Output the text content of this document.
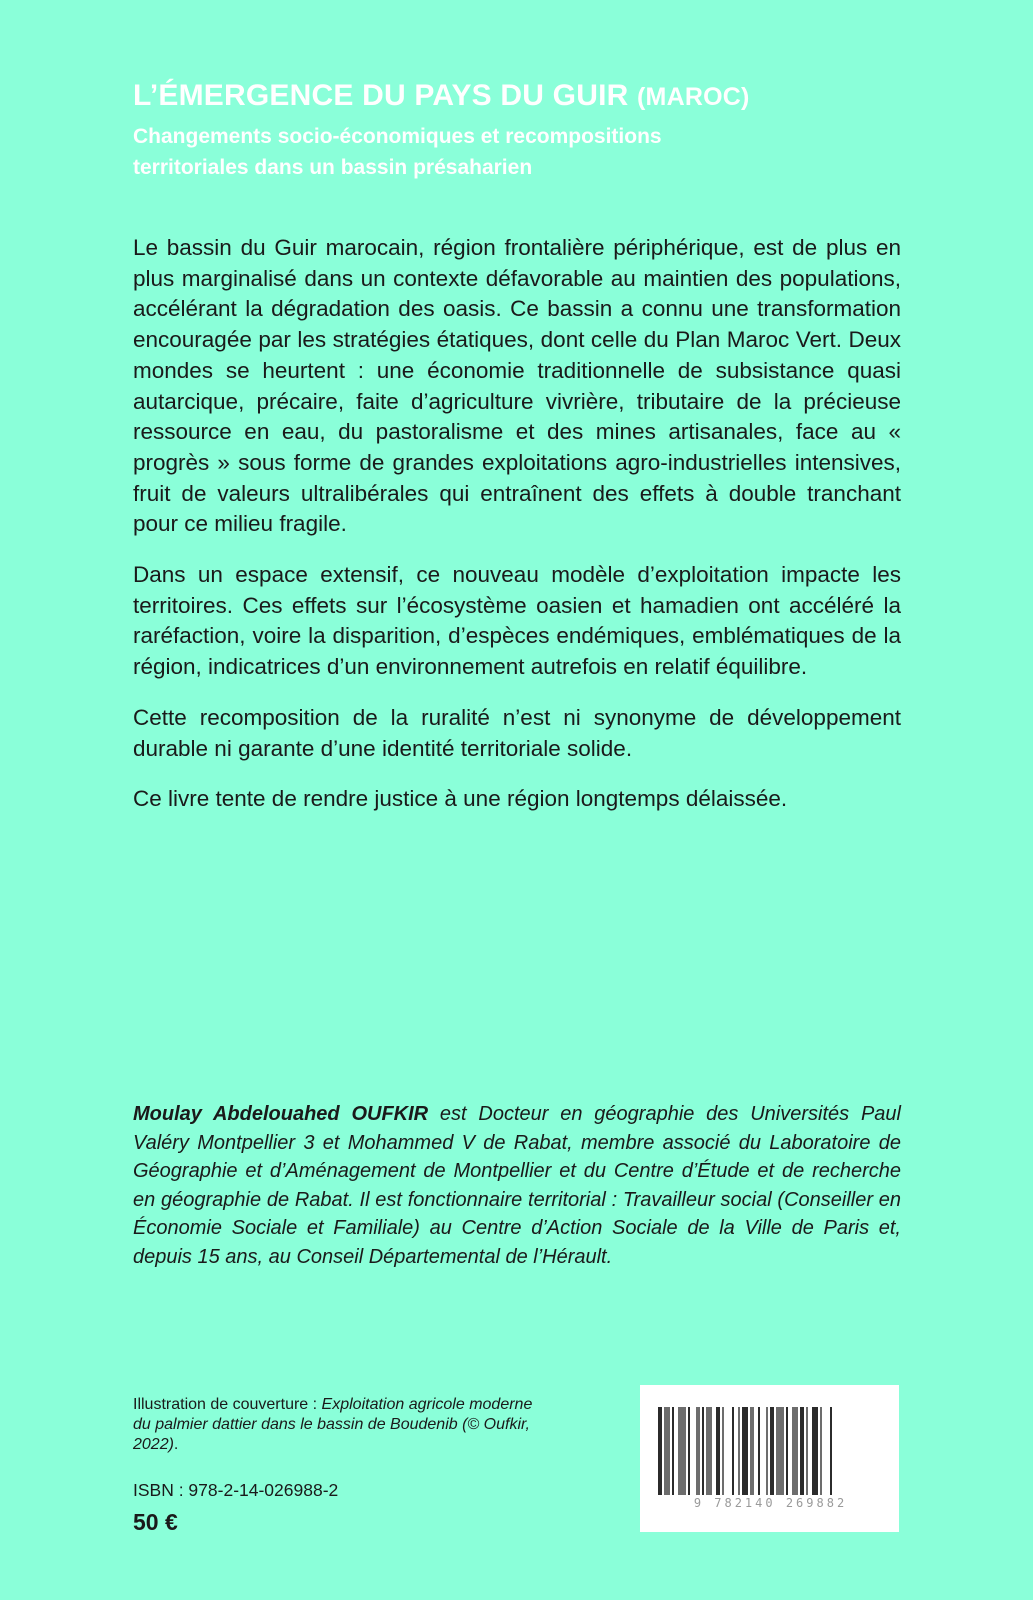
L’ÉMERGENCE DU PAYS DU GUIR (MAROC)
Changements socio-économiques et recompositions
territoriales dans un bassin présaharien

Le bassin du Guir marocain, région frontalière périphérique, est de plus en plus marginalisé dans un contexte défavorable au maintien des populations, accélérant la dégradation des oasis. Ce bassin a connu une transformation encouragée par les stratégies étatiques, dont celle du Plan Maroc Vert. Deux mondes se heurtent : une économie traditionnelle de subsistance quasi autarcique, précaire, faite d’agriculture vivrière, tributaire de la précieuse ressource en eau, du pastoralisme et des mines artisanales, face au « progrès » sous forme de grandes exploitations agro-industrielles intensives, fruit de valeurs ultralibérales qui entraînent des effets à double tranchant pour ce milieu fragile.

Dans un espace extensif, ce nouveau modèle d’exploitation impacte les territoires. Ces effets sur l’écosystème oasien et hamadien ont accéléré la raréfaction, voire la disparition, d’espèces endémiques, emblématiques de la région, indicatrices d’un environnement autrefois en relatif équilibre.

Cette recomposition de la ruralité n’est ni synonyme de développement durable ni garante d’une identité territoriale solide.

Ce livre tente de rendre justice à une région longtemps délaissée.

Moulay Abdelouahed OUFKIR est Docteur en géographie des Universités Paul Valéry Montpellier 3 et Mohammed V de Rabat, membre associé du Laboratoire de Géographie et d’Aménagement de Montpellier et du Centre d’Étude et de recherche en géographie de Rabat. Il est fonctionnaire territorial : Travailleur social (Conseiller en Économie Sociale et Familiale) au Centre d’Action Sociale de la Ville de Paris et, depuis 15 ans, au Conseil Départemental de l’Hérault.
Illustration de couverture : Exploitation agricole moderne du palmier dattier dans le bassin de Boudenib (© Oufkir, 2022).
ISBN : 978-2-14-026988-2
50 €
9 782140 269882
